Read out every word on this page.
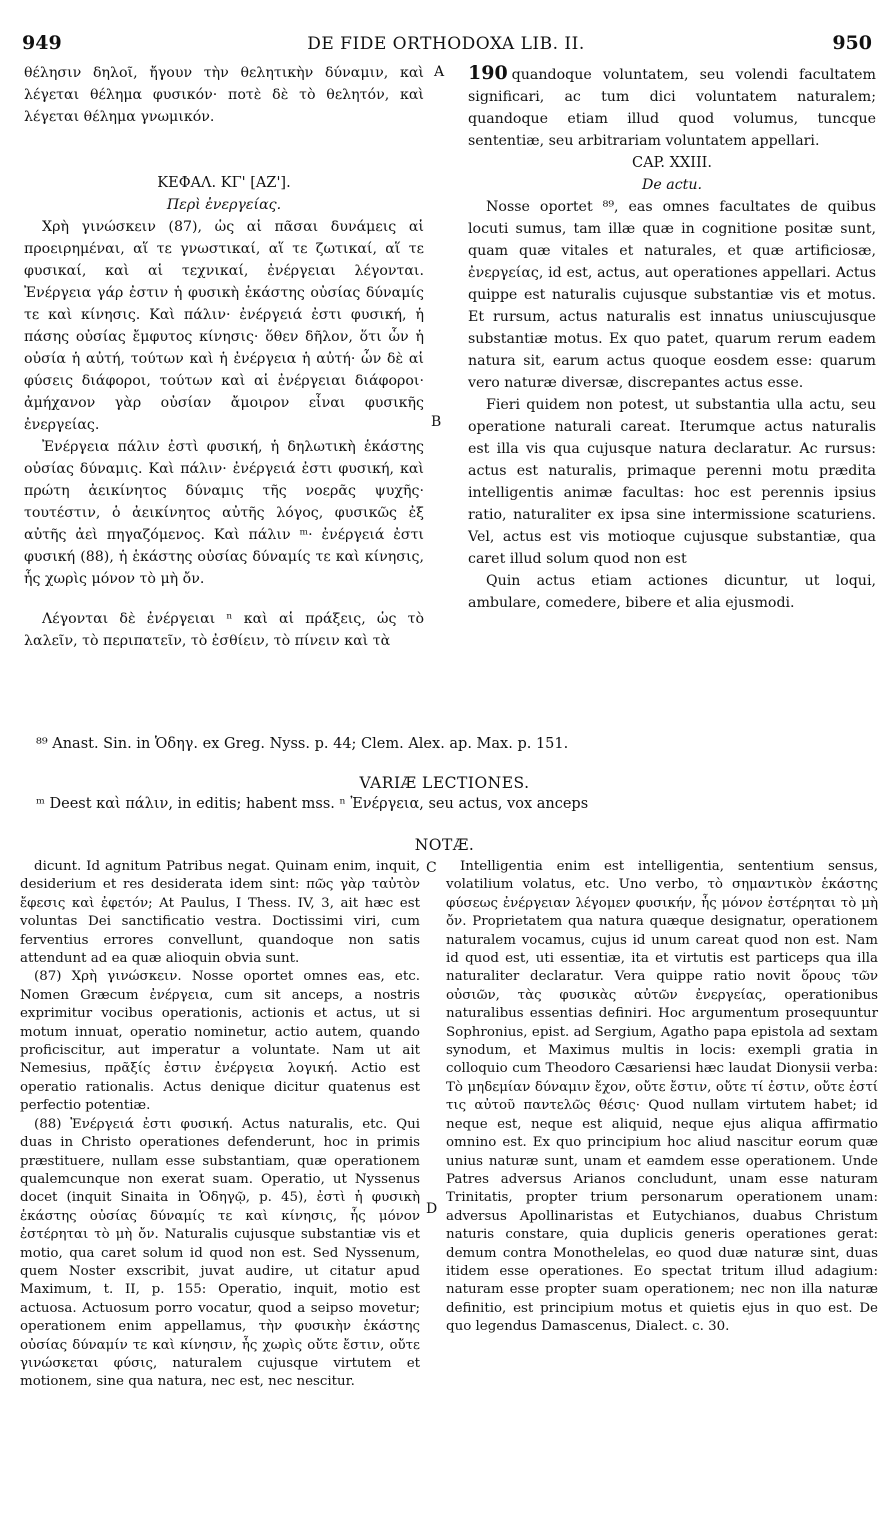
949	DE FIDE ORTHODOXA LIB. II.	950
A
B

θέλησιν δηλοῖ, ἤγουν τὴν θελητικὴν δύναμιν, καὶ λέγεται θέλημα φυσικόν· ποτὲ δὲ τὸ θελητόν, καὶ λέγεται θέλημα γνωμικόν.

ΚΕΦΑΛ. ΚΓ' [ΑΖ'].

Περὶ ἐνεργείας.

Χρὴ γινώσκειν (87), ὡς αἱ πᾶσαι δυνάμεις αἱ προειρημέναι, αἵ τε γνωστικαί, αἵ τε ζωτικαί, αἵ τε φυσικαί, καὶ αἱ τεχνικαί, ἐνέργειαι λέγονται. Ἐνέργεια γάρ ἐστιν ἡ φυσικὴ ἑκάστης οὐσίας δύναμίς τε καὶ κίνησις. Καὶ πάλιν· ἐνέργειά ἐστι φυσική, ἡ πάσης οὐσίας ἔμφυτος κίνησις· ὅθεν δῆλον, ὅτι ὧν ἡ οὐσία ἡ αὐτή, τούτων καὶ ἡ ἐνέργεια ἡ αὐτή· ὧν δὲ αἱ φύσεις διάφοροι, τούτων καὶ αἱ ἐνέργειαι διάφοροι· ἀμήχανον γὰρ οὐσίαν ἄμοιρον εἶναι φυσικῆς ἐνεργείας.

Ἐνέργεια πάλιν ἐστὶ φυσική, ἡ δηλωτικὴ ἑκάστης οὐσίας δύναμις. Καὶ πάλιν· ἐνέργειά ἐστι φυσική, καὶ πρώτη ἀεικίνητος δύναμις τῆς νοερᾶς ψυχῆς· τουτέστιν, ὁ ἀεικίνητος αὐτῆς λόγος, φυσικῶς ἐξ αὐτῆς ἀεὶ πηγαζόμενος. Καὶ πάλιν ᵐ· ἐνέργειά ἐστι φυσική (88), ἡ ἑκάστης οὐσίας δύναμίς τε καὶ κίνησις, ἧς χωρὶς μόνον τὸ μὴ ὄν.

Λέγονται δὲ ἐνέργειαι ⁿ καὶ αἱ πράξεις, ὡς τὸ λαλεῖν, τὸ περιπατεῖν, τὸ ἐσθίειν, τὸ πίνειν καὶ τὰ

190 quandoque voluntatem, seu volendi facultatem significari, ac tum dici voluntatem naturalem; quandoque etiam illud quod volumus, tuncque sententiæ, seu arbitrariam voluntatem appellari.

CAP. XXIII.

De actu.

Nosse oportet ⁸⁹, eas omnes facultates de quibus locuti sumus, tam illæ quæ in cognitione positæ sunt, quam quæ vitales et naturales, et quæ artificiosæ, ἐνεργείας, id est, actus, aut operationes appellari. Actus quippe est naturalis cujusque substantiæ vis et motus. Et rursum, actus naturalis est innatus uniuscujusque substantiæ motus. Ex quo patet, quarum rerum eadem natura sit, earum actus quoque eosdem esse: quarum vero naturæ diversæ, discrepantes actus esse.

Fieri quidem non potest, ut substantia ulla actu, seu operatione naturali careat. Iterumque actus naturalis est illa vis qua cujusque natura declaratur. Ac rursus: actus est naturalis, primaque perenni motu prædita intelligentis animæ facultas: hoc est perennis ipsius ratio, naturaliter ex ipsa sine intermissione scaturiens. Vel, actus est vis motioque cujusque substantiæ, qua caret illud solum quod non est

Quin actus etiam actiones dicuntur, ut loqui, ambulare, comedere, bibere et alia ejusmodi.

⁸⁹ Anast. Sin. in Ὁδηγ. ex Greg. Nyss. p. 44; Clem. Alex. ap. Max. p. 151.
VARIÆ LECTIONES.
ᵐ Deest καὶ πάλιν, in editis; habent mss. ⁿ Ἐνέργεια, seu actus, vox anceps
NOTÆ.
C
D

dicunt. Id agnitum Patribus negat. Quinam enim, inquit, desiderium et res desiderata idem sint: πῶς γὰρ ταὐτὸν ἔφεσις καὶ ἐφετόν; At Paulus, I Thess. IV, 3, ait hæc est voluntas Dei sanctificatio vestra. Doctissimi viri, cum ferventius errores convellunt, quandoque non satis attendunt ad ea quæ alioquin obvia sunt.

(87) Χρὴ γινώσκειν. Nosse oportet omnes eas, etc. Nomen Græcum ἐνέργεια, cum sit anceps, a nostris exprimitur vocibus operationis, actionis et actus, ut si motum innuat, operatio nominetur, actio autem, quando proficiscitur, aut imperatur a voluntate. Nam ut ait Nemesius, πρᾶξίς ἐστιν ἐνέργεια λογική. Actio est operatio rationalis. Actus denique dicitur quatenus est perfectio potentiæ.

(88) Ἐνέργειά ἐστι φυσική. Actus naturalis, etc. Qui duas in Christo operationes defenderunt, hoc in primis præstituere, nullam esse substantiam, quæ operationem qualemcunque non exerat suam. Operatio, ut Nyssenus docet (inquit Sinaita in Ὁδηγῷ, p. 45), ἐστὶ ἡ φυσικὴ ἑκάστης οὐσίας δύναμίς τε καὶ κίνησις, ἧς μόνον ἐστέρηται τὸ μὴ ὄν. Naturalis cujusque substantiæ vis et motio, qua caret solum id quod non est. Sed Nyssenum, quem Noster exscribit, juvat audire, ut citatur apud Maximum, t. II, p. 155: Operatio, inquit, motio est actuosa. Actuosum porro vocatur, quod a seipso movetur; operationem enim appellamus, τὴν φυσικὴν ἑκάστης οὐσίας δύναμίν τε καὶ κίνησιν, ἧς χωρὶς οὔτε ἔστιν, οὔτε γινώσκεται φύσις, naturalem cujusque virtutem et motionem, sine qua natura, nec est, nec nescitur.

Intelligentia enim est intelligentia, sententium sensus, volatilium volatus, etc. Uno verbo, τὸ σημαντικὸν ἑκάστης φύσεως ἐνέργειαν λέγομεν φυσικήν, ἧς μόνον ἐστέρηται τὸ μὴ ὄν. Proprietatem qua natura quæque designatur, operationem naturalem vocamus, cujus id unum careat quod non est. Nam id quod est, uti essentiæ, ita et virtutis est particeps qua illa naturaliter declaratur. Vera quippe ratio novit ὅρους τῶν οὐσιῶν, τὰς φυσικὰς αὐτῶν ἐνεργείας, operationibus naturalibus essentias definiri. Hoc argumentum prosequuntur Sophronius, epist. ad Sergium, Agatho papa epistola ad sextam synodum, et Maximus multis in locis: exempli gratia in colloquio cum Theodoro Cæsariensi hæc laudat Dionysii verba: Τὸ μηδεμίαν δύναμιν ἔχον, οὔτε ἔστιν, οὔτε τί ἐστιν, οὔτε ἐστί τις αὐτοῦ παντελῶς θέσις· Quod nullam virtutem habet; id neque est, neque est aliquid, neque ejus aliqua affirmatio omnino est. Ex quo principium hoc aliud nascitur eorum quæ unius naturæ sunt, unam et eamdem esse operationem. Unde Patres adversus Arianos concludunt, unam esse naturam Trinitatis, propter trium personarum operationem unam: adversus Apollinaristas et Eutychianos, duabus Christum naturis constare, quia duplicis generis operationes gerat: demum contra Monothelelas, eo quod duæ naturæ sint, duas itidem esse operationes. Eo spectat tritum illud adagium: naturam esse propter suam operationem; nec non illa naturæ definitio, est principium motus et quietis ejus in quo est. De quo legendus Damascenus, Dialect. c. 30.
